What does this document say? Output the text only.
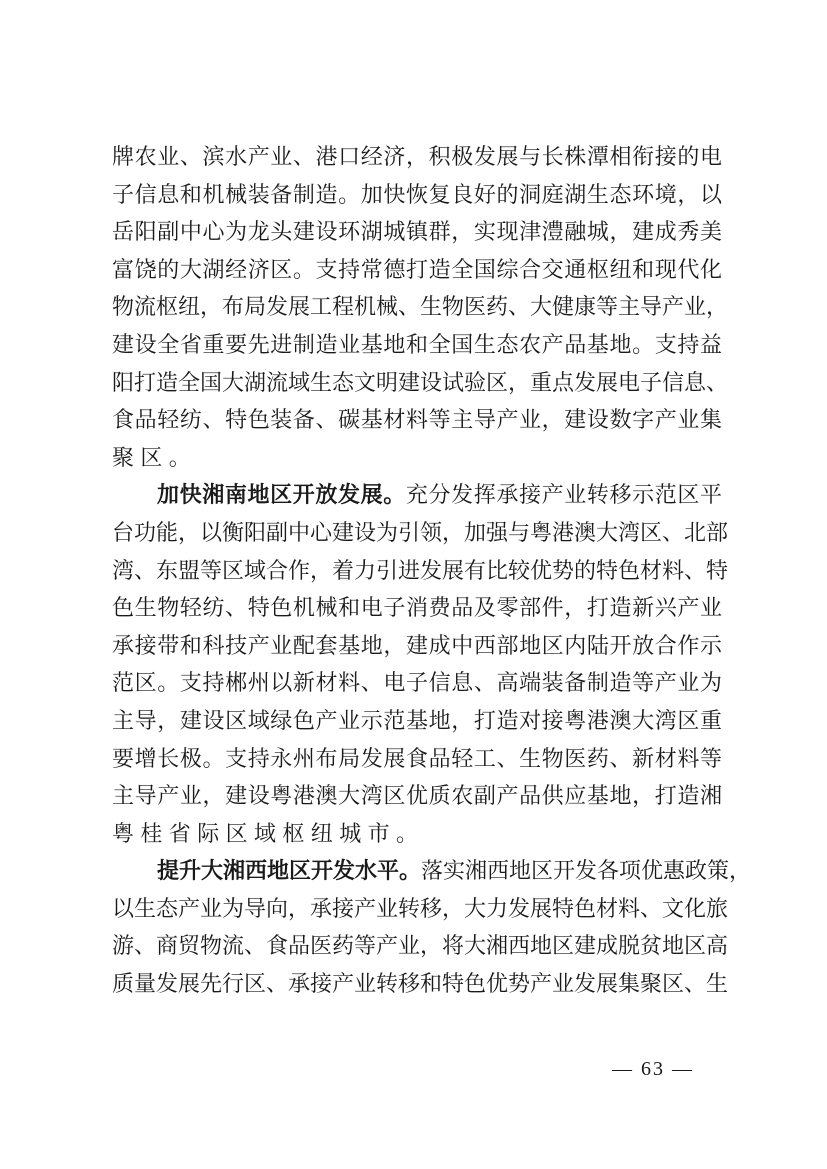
牌农业、滨水产业、港口经济，积极发展与长株潭相衔接的电
子信息和机械装备制造。加快恢复良好的洞庭湖生态环境，以
岳阳副中心为龙头建设环湖城镇群，实现津澧融城，建成秀美
富饶的大湖经济区。支持常德打造全国综合交通枢纽和现代化
物流枢纽，布局发展工程机械、生物医药、大健康等主导产业，
建设全省重要先进制造业基地和全国生态农产品基地。支持益
阳打造全国大湖流域生态文明建设试验区，重点发展电子信息、
食品轻纺、特色装备、碳基材料等主导产业，建设数字产业集
聚区。
加快湘南地区开放发展。充分发挥承接产业转移示范区平
台功能，以衡阳副中心建设为引领，加强与粤港澳大湾区、北部
湾、东盟等区域合作，着力引进发展有比较优势的特色材料、特
色生物轻纺、特色机械和电子消费品及零部件，打造新兴产业
承接带和科技产业配套基地，建成中西部地区内陆开放合作示
范区。支持郴州以新材料、电子信息、高端装备制造等产业为
主导，建设区域绿色产业示范基地，打造对接粤港澳大湾区重
要增长极。支持永州布局发展食品轻工、生物医药、新材料等
主导产业，建设粤港澳大湾区优质农副产品供应基地，打造湘
粤桂省际区域枢纽城市。
提升大湘西地区开发水平。落实湘西地区开发各项优惠政策，
以生态产业为导向，承接产业转移，大力发展特色材料、文化旅
游、商贸物流、食品医药等产业，将大湘西地区建成脱贫地区高
质量发展先行区、承接产业转移和特色优势产业发展集聚区、生
— 63 —
